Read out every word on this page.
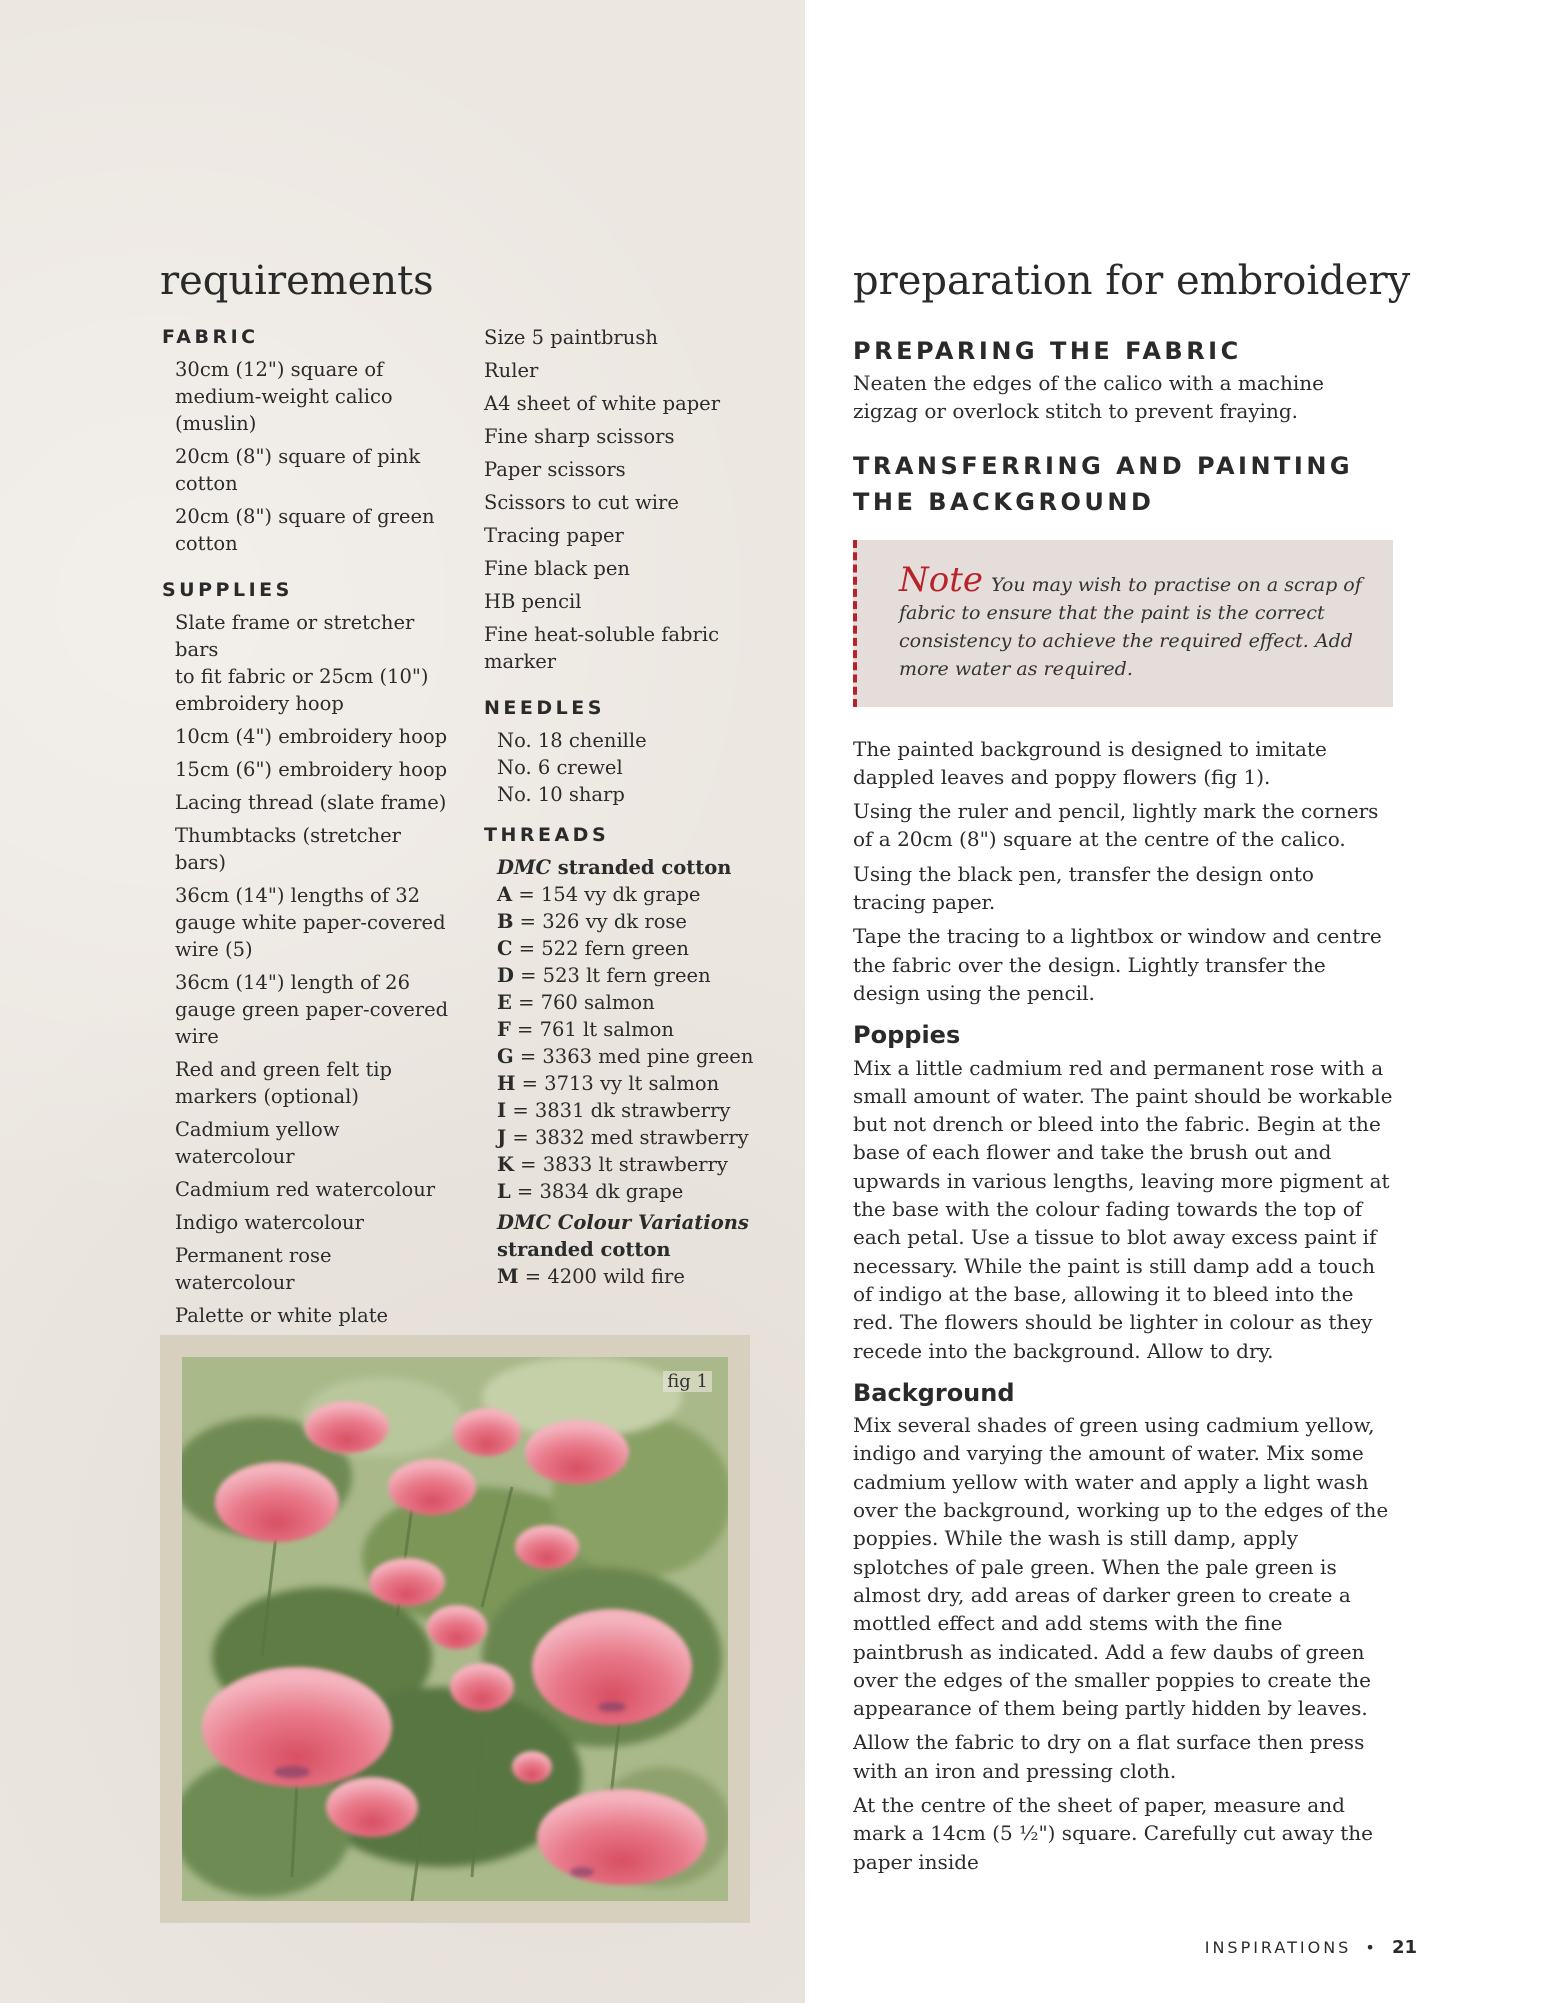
requirements
FABRIC
30cm (12") square of
medium-weight calico
(muslin)
20cm (8") square of pink
cotton
20cm (8") square of green
cotton
SUPPLIES
Slate frame or stretcher bars
to fit fabric or 25cm (10")
embroidery hoop
10cm (4") embroidery hoop
15cm (6") embroidery hoop
Lacing thread (slate frame)
Thumbtacks (stretcher bars)
36cm (14") lengths of 32
gauge white paper-covered
wire (5)
36cm (14") length of 26
gauge green paper-covered
wire
Red and green felt tip
markers (optional)
Cadmium yellow
watercolour
Cadmium red watercolour
Indigo watercolour
Permanent rose watercolour
Palette or white plate
Size 5 paintbrush
Ruler
A4 sheet of white paper
Fine sharp scissors
Paper scissors
Scissors to cut wire
Tracing paper
Fine black pen
HB pencil
Fine heat-soluble fabric
marker
NEEDLES
No. 18 chenille
No. 6 crewel
No. 10 sharp
THREADS
DMC stranded cotton
A = 154 vy dk grape
B = 326 vy dk rose
C = 522 fern green
D = 523 lt fern green
E = 760 salmon
F = 761 lt salmon
G = 3363 med pine green
H = 3713 vy lt salmon
I = 3831 dk strawberry
J = 3832 med strawberry
K = 3833 lt strawberry
L = 3834 dk grape
DMC Colour Variations
stranded cotton
M = 4200 wild fire
fig 1
preparation for embroidery
PREPARING THE FABRIC

Neaten the edges of the calico with a machine zigzag or overlock stitch to prevent fraying.

TRANSFERRING AND PAINTING THE BACKGROUND
Note You may wish to practise on a scrap of fabric to ensure that the paint is the correct consistency to achieve the required effect. Add more water as required.

The painted background is designed to imitate dappled leaves and poppy flowers (fig 1).

Using the ruler and pencil, lightly mark the corners of a 20cm (8") square at the centre of the calico.

Using the black pen, transfer the design onto tracing paper.

Tape the tracing to a lightbox or window and centre the fabric over the design. Lightly transfer the design using the pencil.

Poppies

Mix a little cadmium red and permanent rose with a small amount of water. The paint should be workable but not drench or bleed into the fabric. Begin at the base of each flower and take the brush out and upwards in various lengths, leaving more pigment at the base with the colour fading towards the top of each petal. Use a tissue to blot away excess paint if necessary. While the paint is still damp add a touch of indigo at the base, allowing it to bleed into the red. The flowers should be lighter in colour as they recede into the background. Allow to dry.

Background

Mix several shades of green using cadmium yellow, indigo and varying the amount of water. Mix some cadmium yellow with water and apply a light wash over the background, working up to the edges of the poppies. While the wash is still damp, apply splotches of pale green. When the pale green is almost dry, add areas of darker green to create a mottled effect and add stems with the fine paintbrush as indicated. Add a few daubs of green over the edges of the smaller poppies to create the appearance of them being partly hidden by leaves.

Allow the fabric to dry on a flat surface then press with an iron and pressing cloth.

At the centre of the sheet of paper, measure and mark a 14cm (5 ½") square. Carefully cut away the paper inside

INSPIRATIONS • 21
